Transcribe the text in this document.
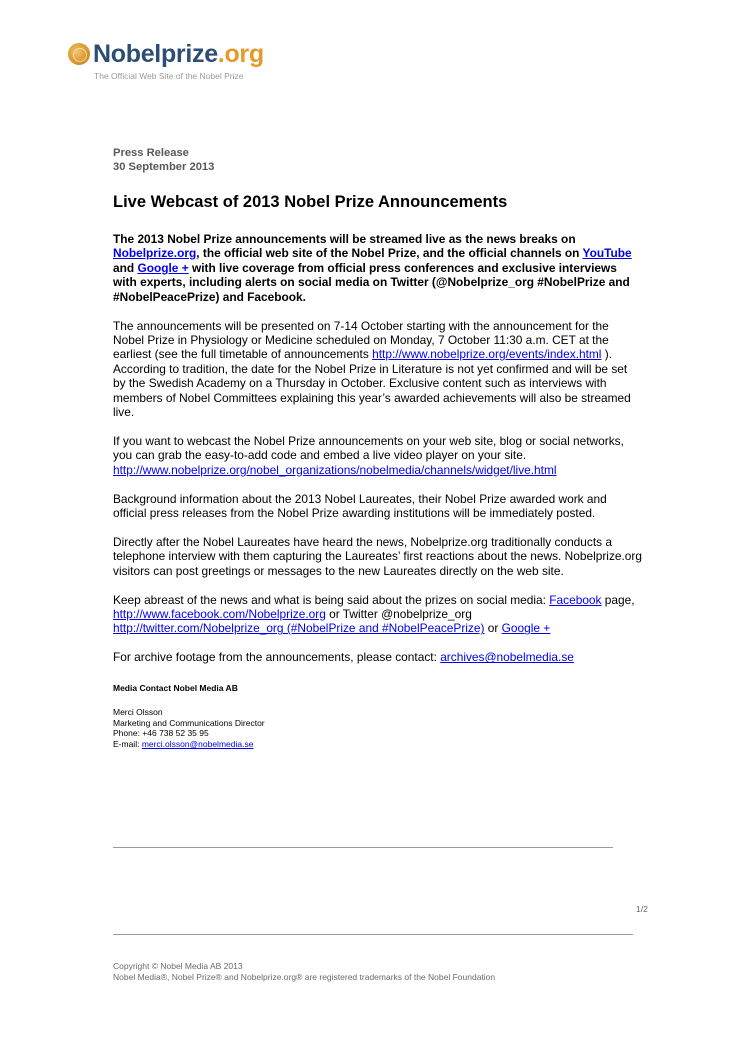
Nobelprize .org
The Official Web Site of the Nobel Prize
Press Release
30 September 2013
Live Webcast of 2013 Nobel Prize Announcements

The 2013 Nobel Prize announcements will be streamed live as the news breaks on Nobelprize.org, the official web site of the Nobel Prize, and the official channels on YouTube and Google + with live coverage from official press conferences and exclusive interviews with experts, including alerts on social media on Twitter (@Nobelprize_org #NobelPrize and #NobelPeacePrize) and Facebook.

The announcements will be presented on 7-14 October starting with the announcement for the Nobel Prize in Physiology or Medicine scheduled on Monday, 7 October 11:30 a.m. CET at the earliest (see the full timetable of announcements http://www.nobelprize.org/events/index.html ). According to tradition, the date for the Nobel Prize in Literature is not yet confirmed and will be set by the Swedish Academy on a Thursday in October. Exclusive content such as interviews with members of Nobel Committees explaining this year’s awarded achievements will also be streamed live.

If you want to webcast the Nobel Prize announcements on your web site, blog or social networks, you can grab the easy-to-add code and embed a live video player on your site. http://www.nobelprize.org/nobel_organizations/nobelmedia/channels/widget/live.html

Background information about the 2013 Nobel Laureates, their Nobel Prize awarded work and official press releases from the Nobel Prize awarding institutions will be immediately posted.

Directly after the Nobel Laureates have heard the news, Nobelprize.org traditionally conducts a telephone interview with them capturing the Laureates’ first reactions about the news. Nobelprize.org visitors can post greetings or messages to the new Laureates directly on the web site.

Keep abreast of the news and what is being said about the prizes on social media: Facebook page, http://www.facebook.com/Nobelprize.org or Twitter @nobelprize_org http://twitter.com/Nobelprize_org (#NobelPrize and #NobelPeacePrize) or Google +

For archive footage from the announcements, please contact: archives@nobelmedia.se

Media Contact Nobel Media AB
Merci Olsson
Marketing and Communications Director
Phone: +46 738 52 35 95
E-mail: merci.olsson@nobelmedia.se
1/2
Copyright © Nobel Media AB 2013
Nobel Media®, Nobel Prize® and Nobelprize.org® are registered trademarks of the Nobel Foundation
